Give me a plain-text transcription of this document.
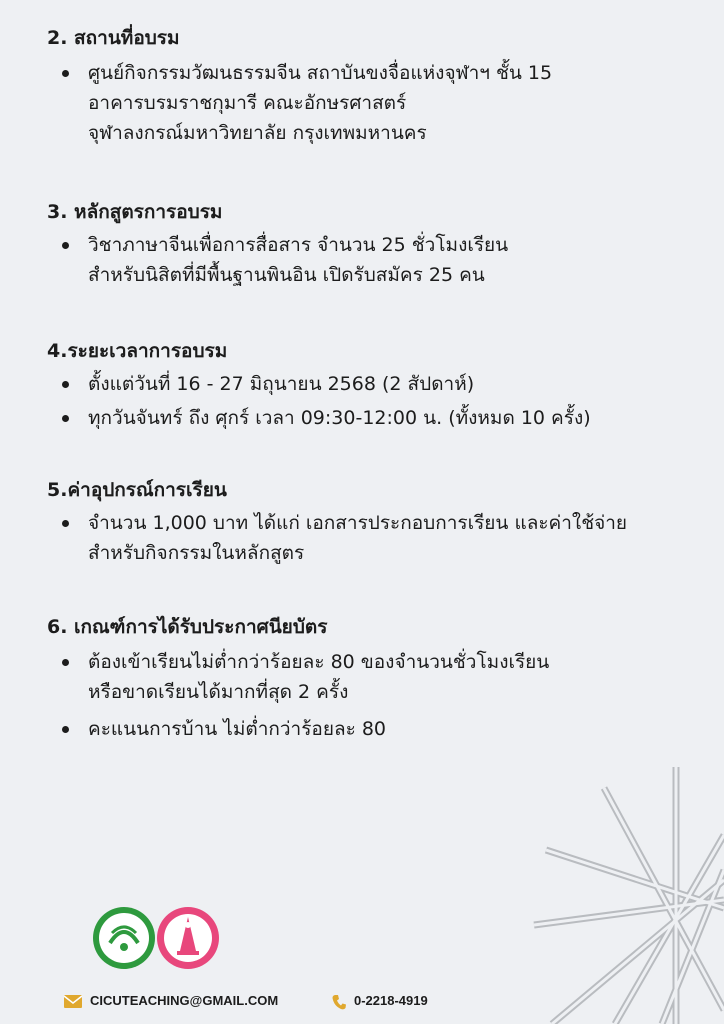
2. สถานที่อบรม
ศูนย์กิจกรรมวัฒนธรรมจีน สถาบันขงจื่อแห่งจุฬาฯ ชั้น 15
อาคารบรมราชกุมารี คณะอักษรศาสตร์
จุฬาลงกรณ์มหาวิทยาลัย กรุงเทพมหานคร
3. หลักสูตรการอบรม
วิชาภาษาจีนเพื่อการสื่อสาร จำนวน 25 ชั่วโมงเรียน
สำหรับนิสิตที่มีพื้นฐานพินอิน เปิดรับสมัคร 25 คน
4.ระยะเวลาการอบรม
ตั้งแต่วันที่ 16 - 27 มิถุนายน 2568 (2 สัปดาห์)
ทุกวันจันทร์ ถึง ศุกร์ เวลา 09:30-12:00 น. (ทั้งหมด 10 ครั้ง)
5.ค่าอุปกรณ์การเรียน
จำนวน 1,000 บาท ได้แก่ เอกสารประกอบการเรียน และค่าใช้จ่าย
สำหรับกิจกรรมในหลักสูตร
6. เกณฑ์การได้รับประกาศนียบัตร
ต้องเข้าเรียนไม่ต่ำกว่าร้อยละ 80 ของจำนวนชั่วโมงเรียน
หรือขาดเรียนได้มากที่สุด 2 ครั้ง
คะแนนการบ้าน ไม่ต่ำกว่าร้อยละ 80
CICUTEACHING@GMAIL.COM	0-2218-4919
